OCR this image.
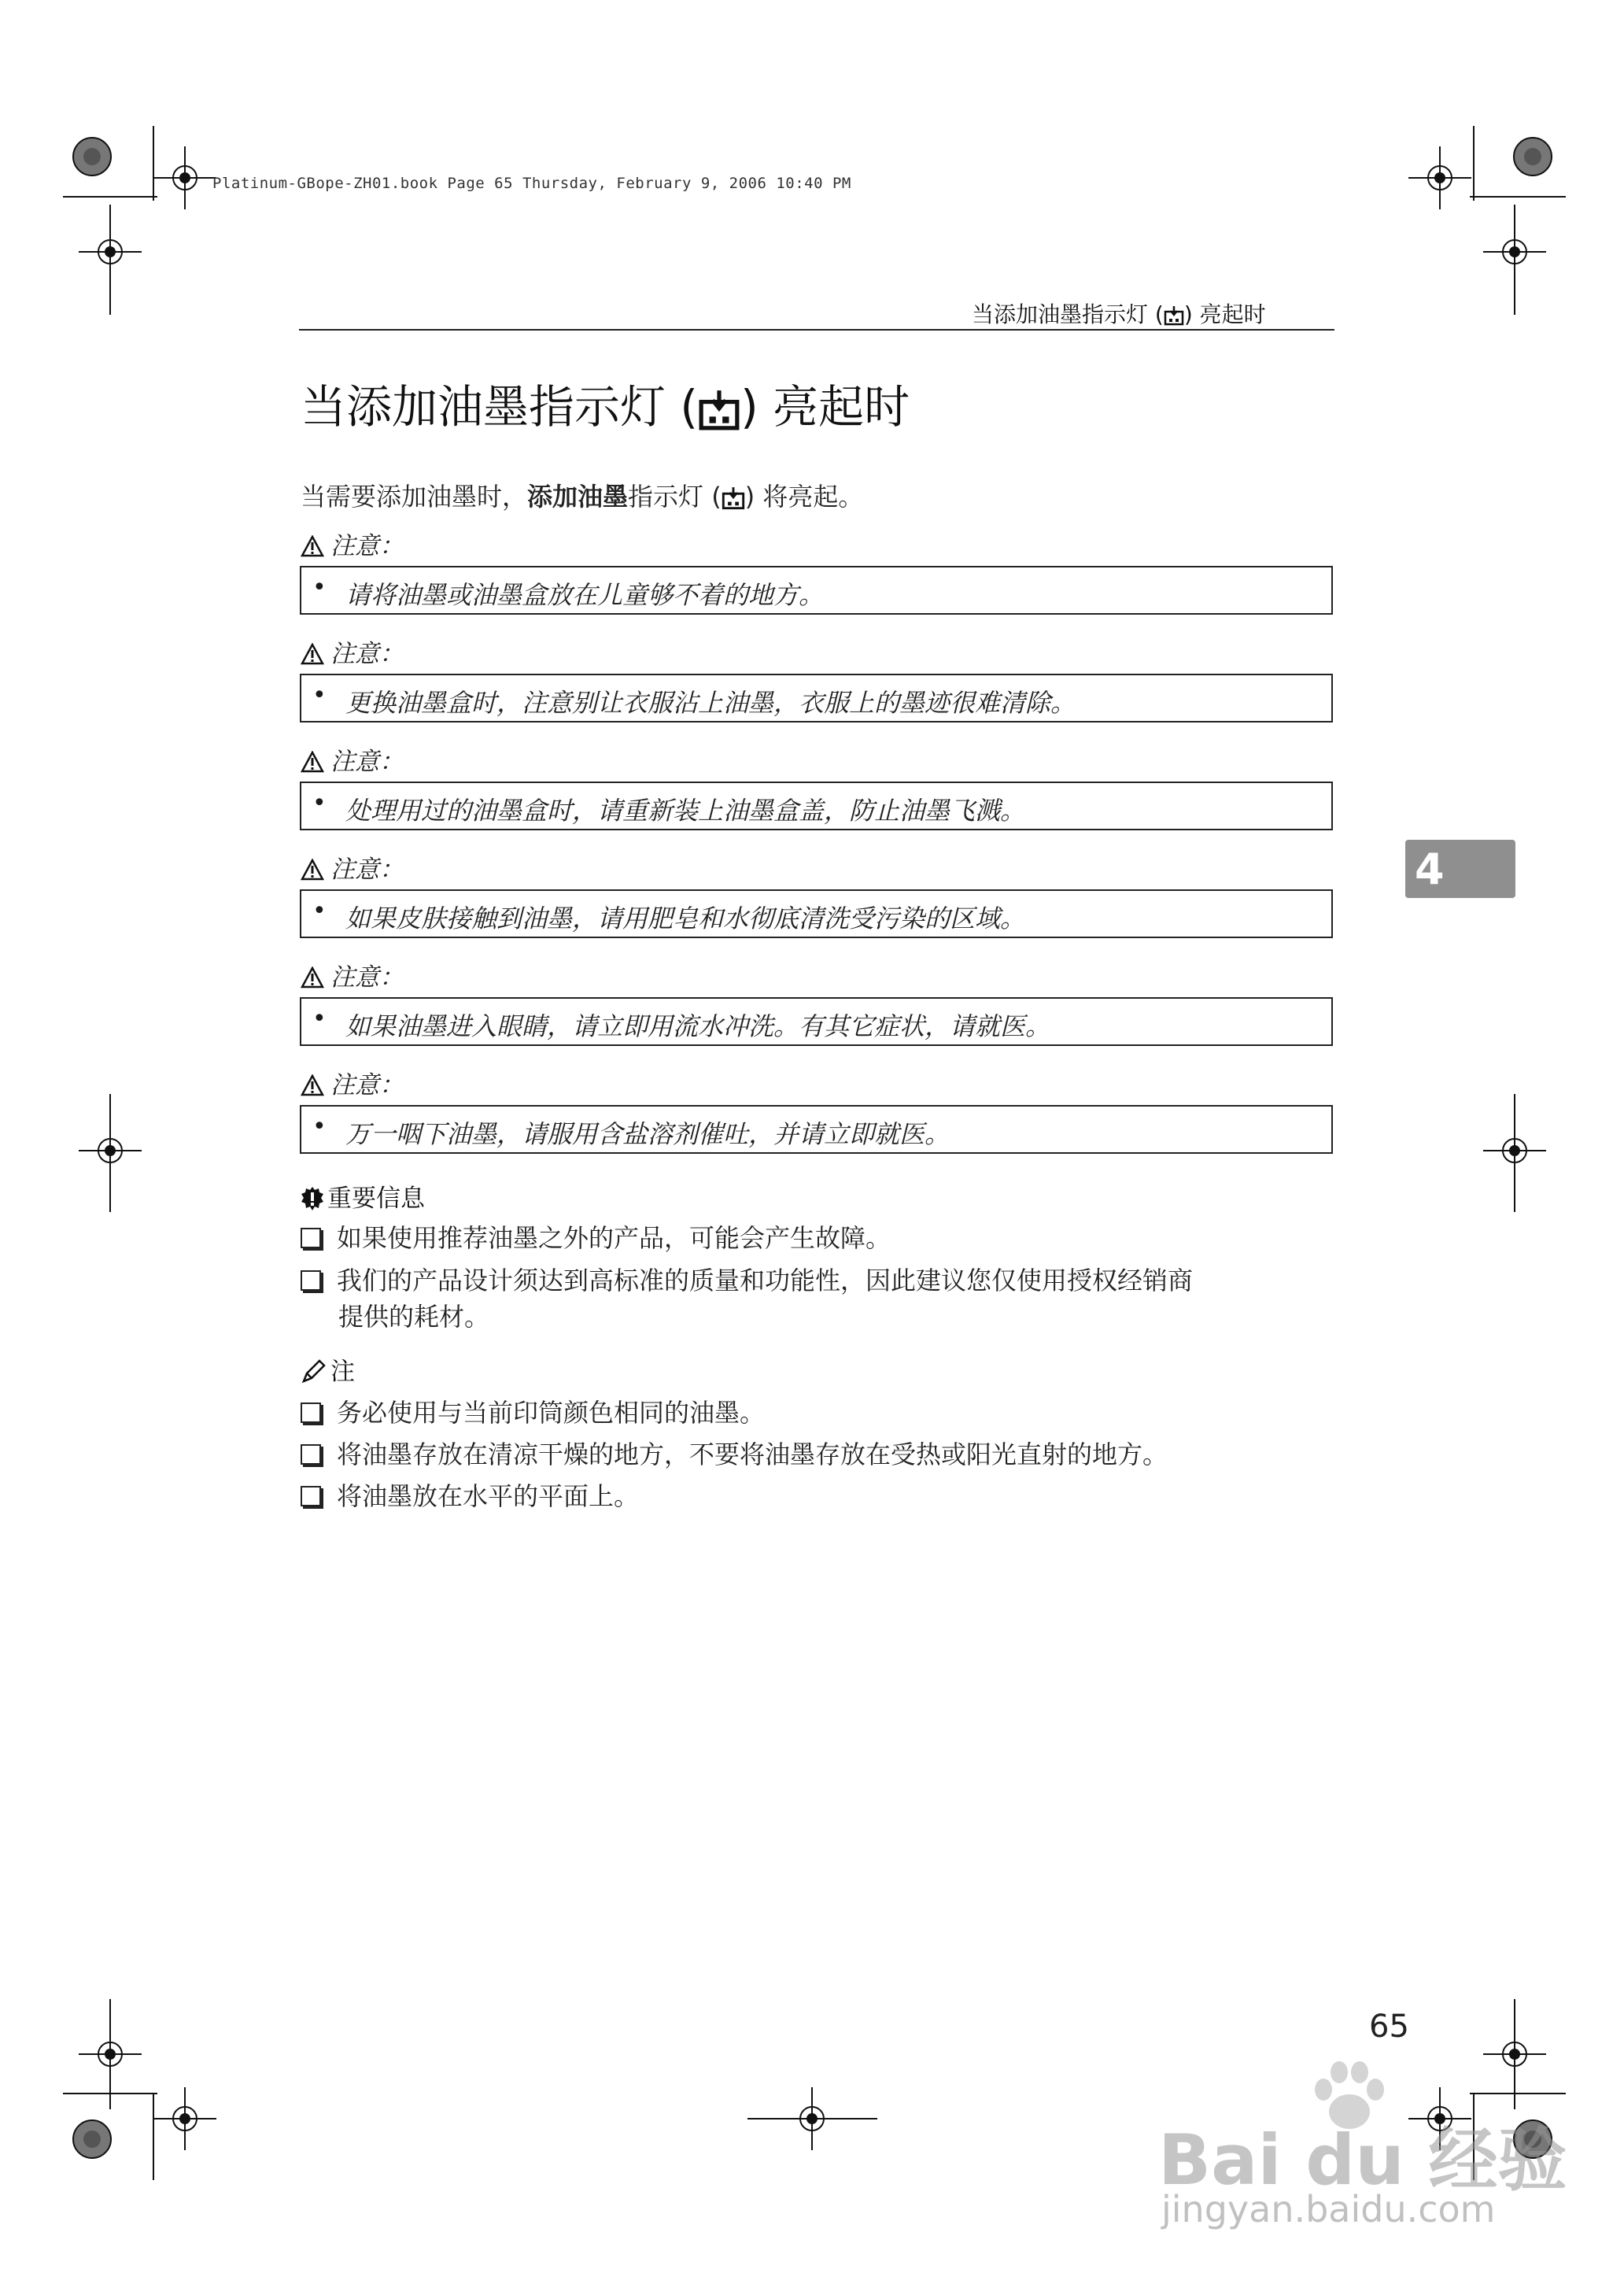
Platinum-GBope-ZH01.book Page 65 Thursday, February 9, 2006 10:40 PM
当添加油墨指示灯 ( ) 亮起时
当添加油墨指示灯 ( ) 亮起时
当需要添加油墨时，添加油墨指示灯 ( ) 将亮起。
注意：
• 请将油墨或油墨盒放在儿童够不着的地方。
注意：
• 更换油墨盒时，注意别让衣服沾上油墨，衣服上的墨迹很难清除。
注意：
• 处理用过的油墨盒时，请重新装上油墨盒盖，防止油墨飞溅。
注意：
• 如果皮肤接触到油墨，请用肥皂和水彻底清洗受污染的区域。
注意：
• 如果油墨进入眼睛，请立即用流水冲洗。有其它症状，请就医。
注意：
• 万一咽下油墨，请服用含盐溶剂催吐，并请立即就医。
重要信息
如果使用推荐油墨之外的产品，可能会产生故障。
我们的产品设计须达到高标准的质量和功能性，因此建议您仅使用授权经销商
提供的耗材。
注
务必使用与当前印筒颜色相同的油墨。
将油墨存放在清凉干燥的地方，不要将油墨存放在受热或阳光直射的地方。
将油墨放在水平的平面上。
4
65
Bai du 经验
jingyan.baidu.com
